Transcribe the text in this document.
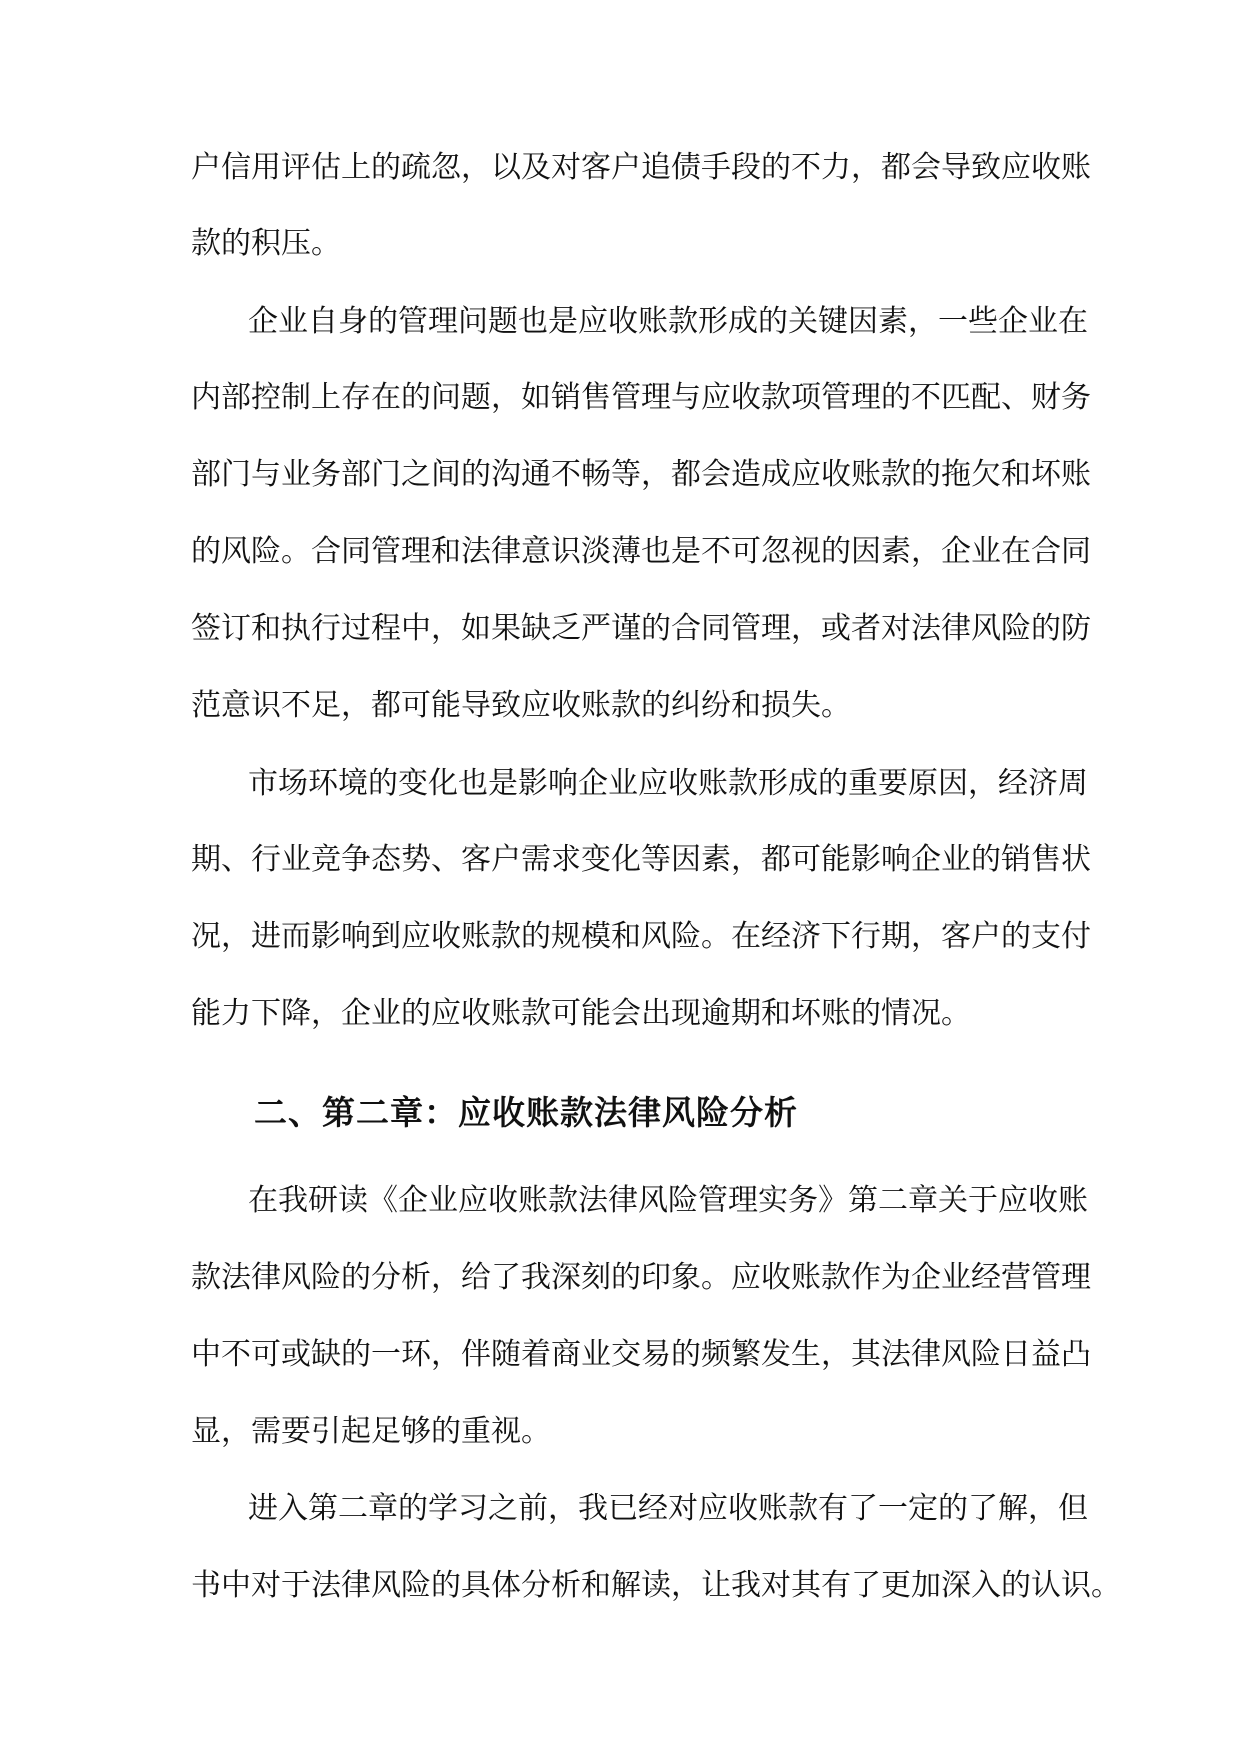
户信用评估上的疏忽，以及对客户追债手段的不力，都会导致应收账
款的积压。
企业自身的管理问题也是应收账款形成的关键因素，一些企业在
内部控制上存在的问题，如销售管理与应收款项管理的不匹配、财务
部门与业务部门之间的沟通不畅等，都会造成应收账款的拖欠和坏账
的风险。合同管理和法律意识淡薄也是不可忽视的因素，企业在合同
签订和执行过程中，如果缺乏严谨的合同管理，或者对法律风险的防
范意识不足，都可能导致应收账款的纠纷和损失。
市场环境的变化也是影响企业应收账款形成的重要原因，经济周
期、行业竞争态势、客户需求变化等因素，都可能影响企业的销售状
况，进而影响到应收账款的规模和风险。在经济下行期，客户的支付
能力下降，企业的应收账款可能会出现逾期和坏账的情况。
二、第二章：应收账款法律风险分析
在我研读《企业应收账款法律风险管理实务》第二章关于应收账
款法律风险的分析，给了我深刻的印象。应收账款作为企业经营管理
中不可或缺的一环，伴随着商业交易的频繁发生，其法律风险日益凸
显，需要引起足够的重视。
进入第二章的学习之前，我已经对应收账款有了一定的了解，但
书中对于法律风险的具体分析和解读，让我对其有了更加深入的认识。
